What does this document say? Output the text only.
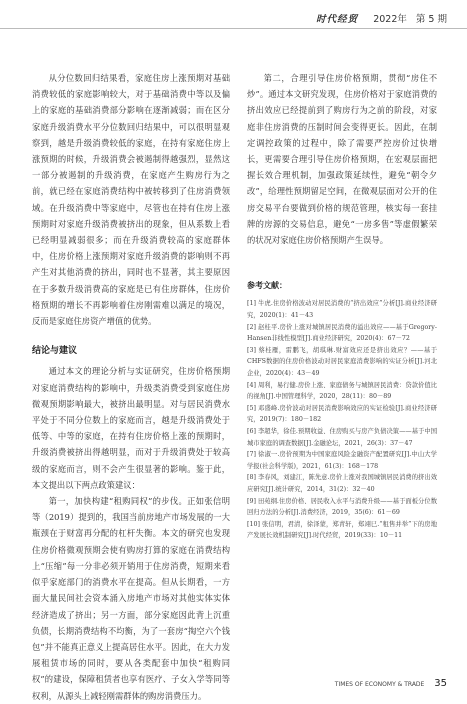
时代经贸 2022年 第 5 期

从分位数回归结果看，家庭住房上涨预期对基础消费较低的家庭影响较大，对于基础消费中等以及偏上的家庭的基础消费部分影响在逐渐减弱；而在区分家庭升级消费水平分位数回归结果中，可以很明显观察到，越是升级消费较低的家庭，在持有家庭住房上涨预期的时候，升级消费会被遏制得越强烈，显然这一部分被遏制的升级消费，在家庭产生购房行为之前，就已经在家庭消费结构中被转移到了住房消费领域。在升级消费中等家庭中，尽管也在持有住房上涨预期时对家庭升级消费被挤出的现象，但从系数上看已经明显减弱很多；而在升级消费较高的家庭群体中，住房价格上涨预期对家庭升级消费的影响则不再产生对其他消费的挤出，同时也不显著，其主要原因在于多数升级消费高的家庭是已有住房群体，住房价格预期的增长不再影响着住房刚需难以满足的境况，反而是家庭住房资产增值的优势。

结论与建议

通过本文的理论分析与实证研究，住房价格预期对家庭消费结构的影响中，升级类消费受到家庭住房微观预期影响最大，被挤出最明显。对与居民消费水平处于不同分位数上的家庭而言，越是升级消费处于低等、中等的家庭，在持有住房价格上涨的预期时，升级消费被挤出得越明显，而对于升级消费处于较高级的家庭而言，则不会产生很显著的影响。鉴于此，本文提出以下两点政策建议：

第一，加快构建“租购同权”的步伐。正如张信明等（2019）提到的，我国当前房地产市场发展的一大瓶颈在于财富再分配的杠杆失衡。本文的研究也发现住房价格微观预期会使有购房打算的家庭在消费结构上“压缩”每一分非必须开销用于住房消费，短期来看似乎家庭部门的消费水平在提高。但从长期看，一方面大量民间社会资本涌入房地产市场对其他实体实体经济造成了挤出；另一方面，部分家庭因此背上沉重负债，长期消费结构不均衡，为了一套房“掏空六个钱包”并不能真正意义上提高居住水平。因此，在大力发展租赁市场的同时，要从各类配套中加快“租购同权”的建设，保障租赁者也享有医疗、子女入学等同等权利，从源头上减轻刚需群体的购房消费压力。

第二，合理引导住房价格预期，贯彻“房住不炒”。通过本文研究发现，住房价格对于家庭消费的挤出效应已经提前到了购房行为之前的阶段，对家庭非住房消费的压制时间会变得更长。因此，在制定调控政策的过程中，除了需要严控房价过快增长，更需要合理引导住房价格预期，在宏观层面把握长效合理机制，加强政策延续性，避免“朝令夕改”，给理性预期留足空间，在微观层面对公开的住房交易平台要做到价格的规范管理，核实每一套挂牌的房源的交易信息，避免“一房多售”等虚假繁荣的状况对家庭住房价格预期产生误导。

参考文献：

[1] 牛虎.住房价格波动对居民消费的“挤出效应”分析[J].商业经济研究，2020(1)：41－43

[2] 赵桂平.房价上涨对城镇居民消费的溢出效应——基于Gregory-Hansen非线性模型[J].商业经济研究，2020(4)：67－72

[3] 蔡桂雁，雷鹏飞，胡琪琳.财富效应还是挤出效应？——基于CHFS数据的住房价格波动对居民家庭消费影响的实证分析[J].河北企业，2020(4)：43－49

[4] 周利，易行健.房价上涨、家庭债务与城镇居民消费：贷款价值比的视角[J].中国管理科学，2020，28(11)：80－89

[5] 邓盛峰.房价波动对居民消费影响效应的实证检验[J].商业经济研究，2019(7)：180－182

[6] 李超华，徐佳.预期收益、住房购买与房产负债决策——基于中国城市家庭的调查数据[J].金融论坛，2021，26(3)：37－47

[7] 徐淑一.房价预期为中国家庭风险金融资产配置研究[J].中山大学学报(社会科学版)，2021，61(3)：168－178

[8] 李春风，刘建江，陈先意.房价上涨对我国城镇居民消费的挤出效应研究[J].统计研究，2014，31(2)：32－40

[9] 田苑纲.住房价格、居民收入水平与消费升级——基于面板分位数回归方法的分析[J].消费经济，2019，35(6)：61－69

[10] 张信明，君清，徐泽蒙，郑青轩，郑翊巳.“租售并举”下的房地产发展长效机制研究[J].时代经贸，2019(33)：10－11

TIMES OF ECONOMY & TRADE 35
